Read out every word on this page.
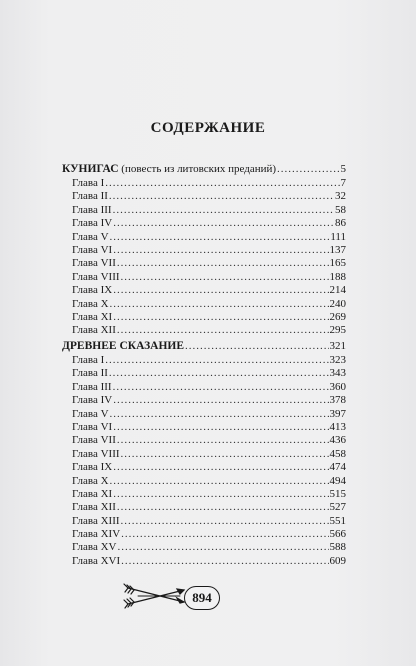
СОДЕРЖАНИЕ
КУНИГАС (повесть из литовских преданий) .....	5
Глава I .....	7
Глава II .....	32
Глава III .....	58
Глава IV .....	86
Глава V .....	111
Глава VI .....	137
Глава VII .....	165
Глава VIII .....	188
Глава IX .....	214
Глава X .....	240
Глава XI .....	269
Глава XII .....	295
ДРЕВНЕЕ СКАЗАНИЕ .....	321
Глава I .....	323
Глава II .....	343
Глава III .....	360
Глава IV .....	378
Глава V .....	397
Глава VI .....	413
Глава VII .....	436
Глава VIII .....	458
Глава IX .....	474
Глава X .....	494
Глава XI .....	515
Глава XII .....	527
Глава XIII .....	551
Глава XIV .....	566
Глава XV .....	588
Глава XVI .....	609
894
